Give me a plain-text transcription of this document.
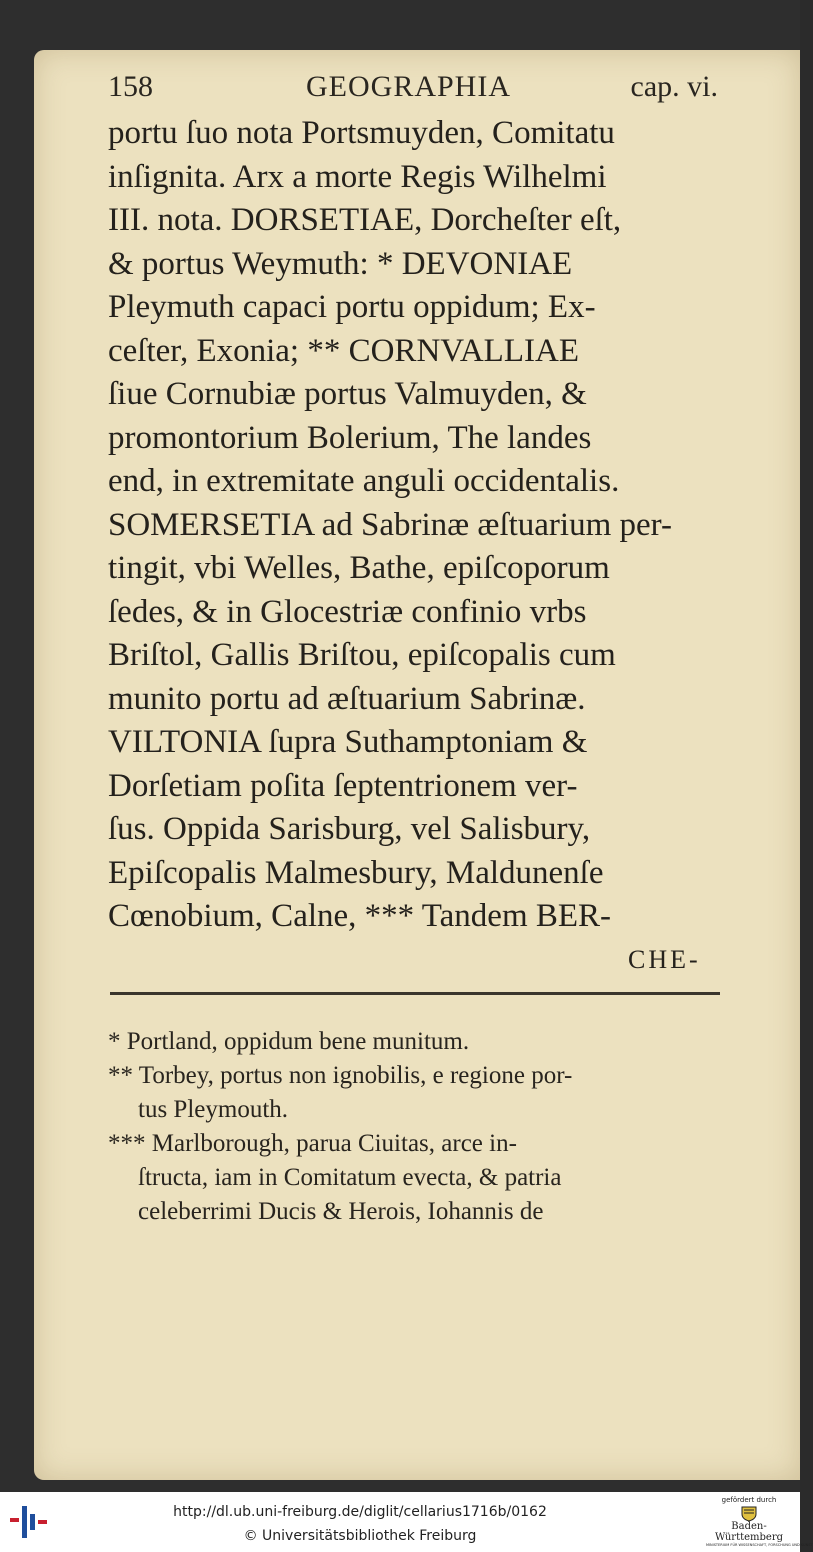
158	GEOGRAPHIA	cap. vi.
portu ſuo nota Portsmuyden, Comitatu
inſignita. Arx a morte Regis Wilhelmi
III. nota. DORSETIAE, Dorcheſter eſt,
& portus Weymuth: * DEVONIAE
Pleymuth capaci portu oppidum; Ex-
ceſter, Exonia; ** CORNVALLIAE
ſiue Cornubiæ portus Valmuyden, &
promontorium Bolerium, The landes
end, in extremitate anguli occidentalis.
SOMERSETIA ad Sabrinæ æſtuarium per-
tingit, vbi Welles, Bathe, epiſcoporum
ſedes, & in Glocestriæ confinio vrbs
Briſtol, Gallis Briſtou, epiſcopalis cum
munito portu ad æſtuarium Sabrinæ.
VILTONIA ſupra Suthamptoniam &
Dorſetiam poſita ſeptentrionem ver-
ſus. Oppida Sarisburg, vel Salisbury,
Epiſcopalis Malmesbury, Maldunenſe
Cœnobium, Calne, *** Tandem BER-
CHE-
* Portland, oppidum bene munitum.
** Torbey, portus non ignobilis, e regione por-
tus Pleymouth.
*** Marlborough, parua Ciuitas, arce in-
ſtructa, iam in Comitatum evecta, & patria
celeberrimi Ducis & Herois, Iohannis de
http://dl.ub.uni-freiburg.de/diglit/cellarius1716b/0162
© Universitätsbibliothek Freiburg
gefördert durch
Baden-Württemberg
MINISTERIUM FÜR WISSENSCHAFT, FORSCHUNG UND KUNST
